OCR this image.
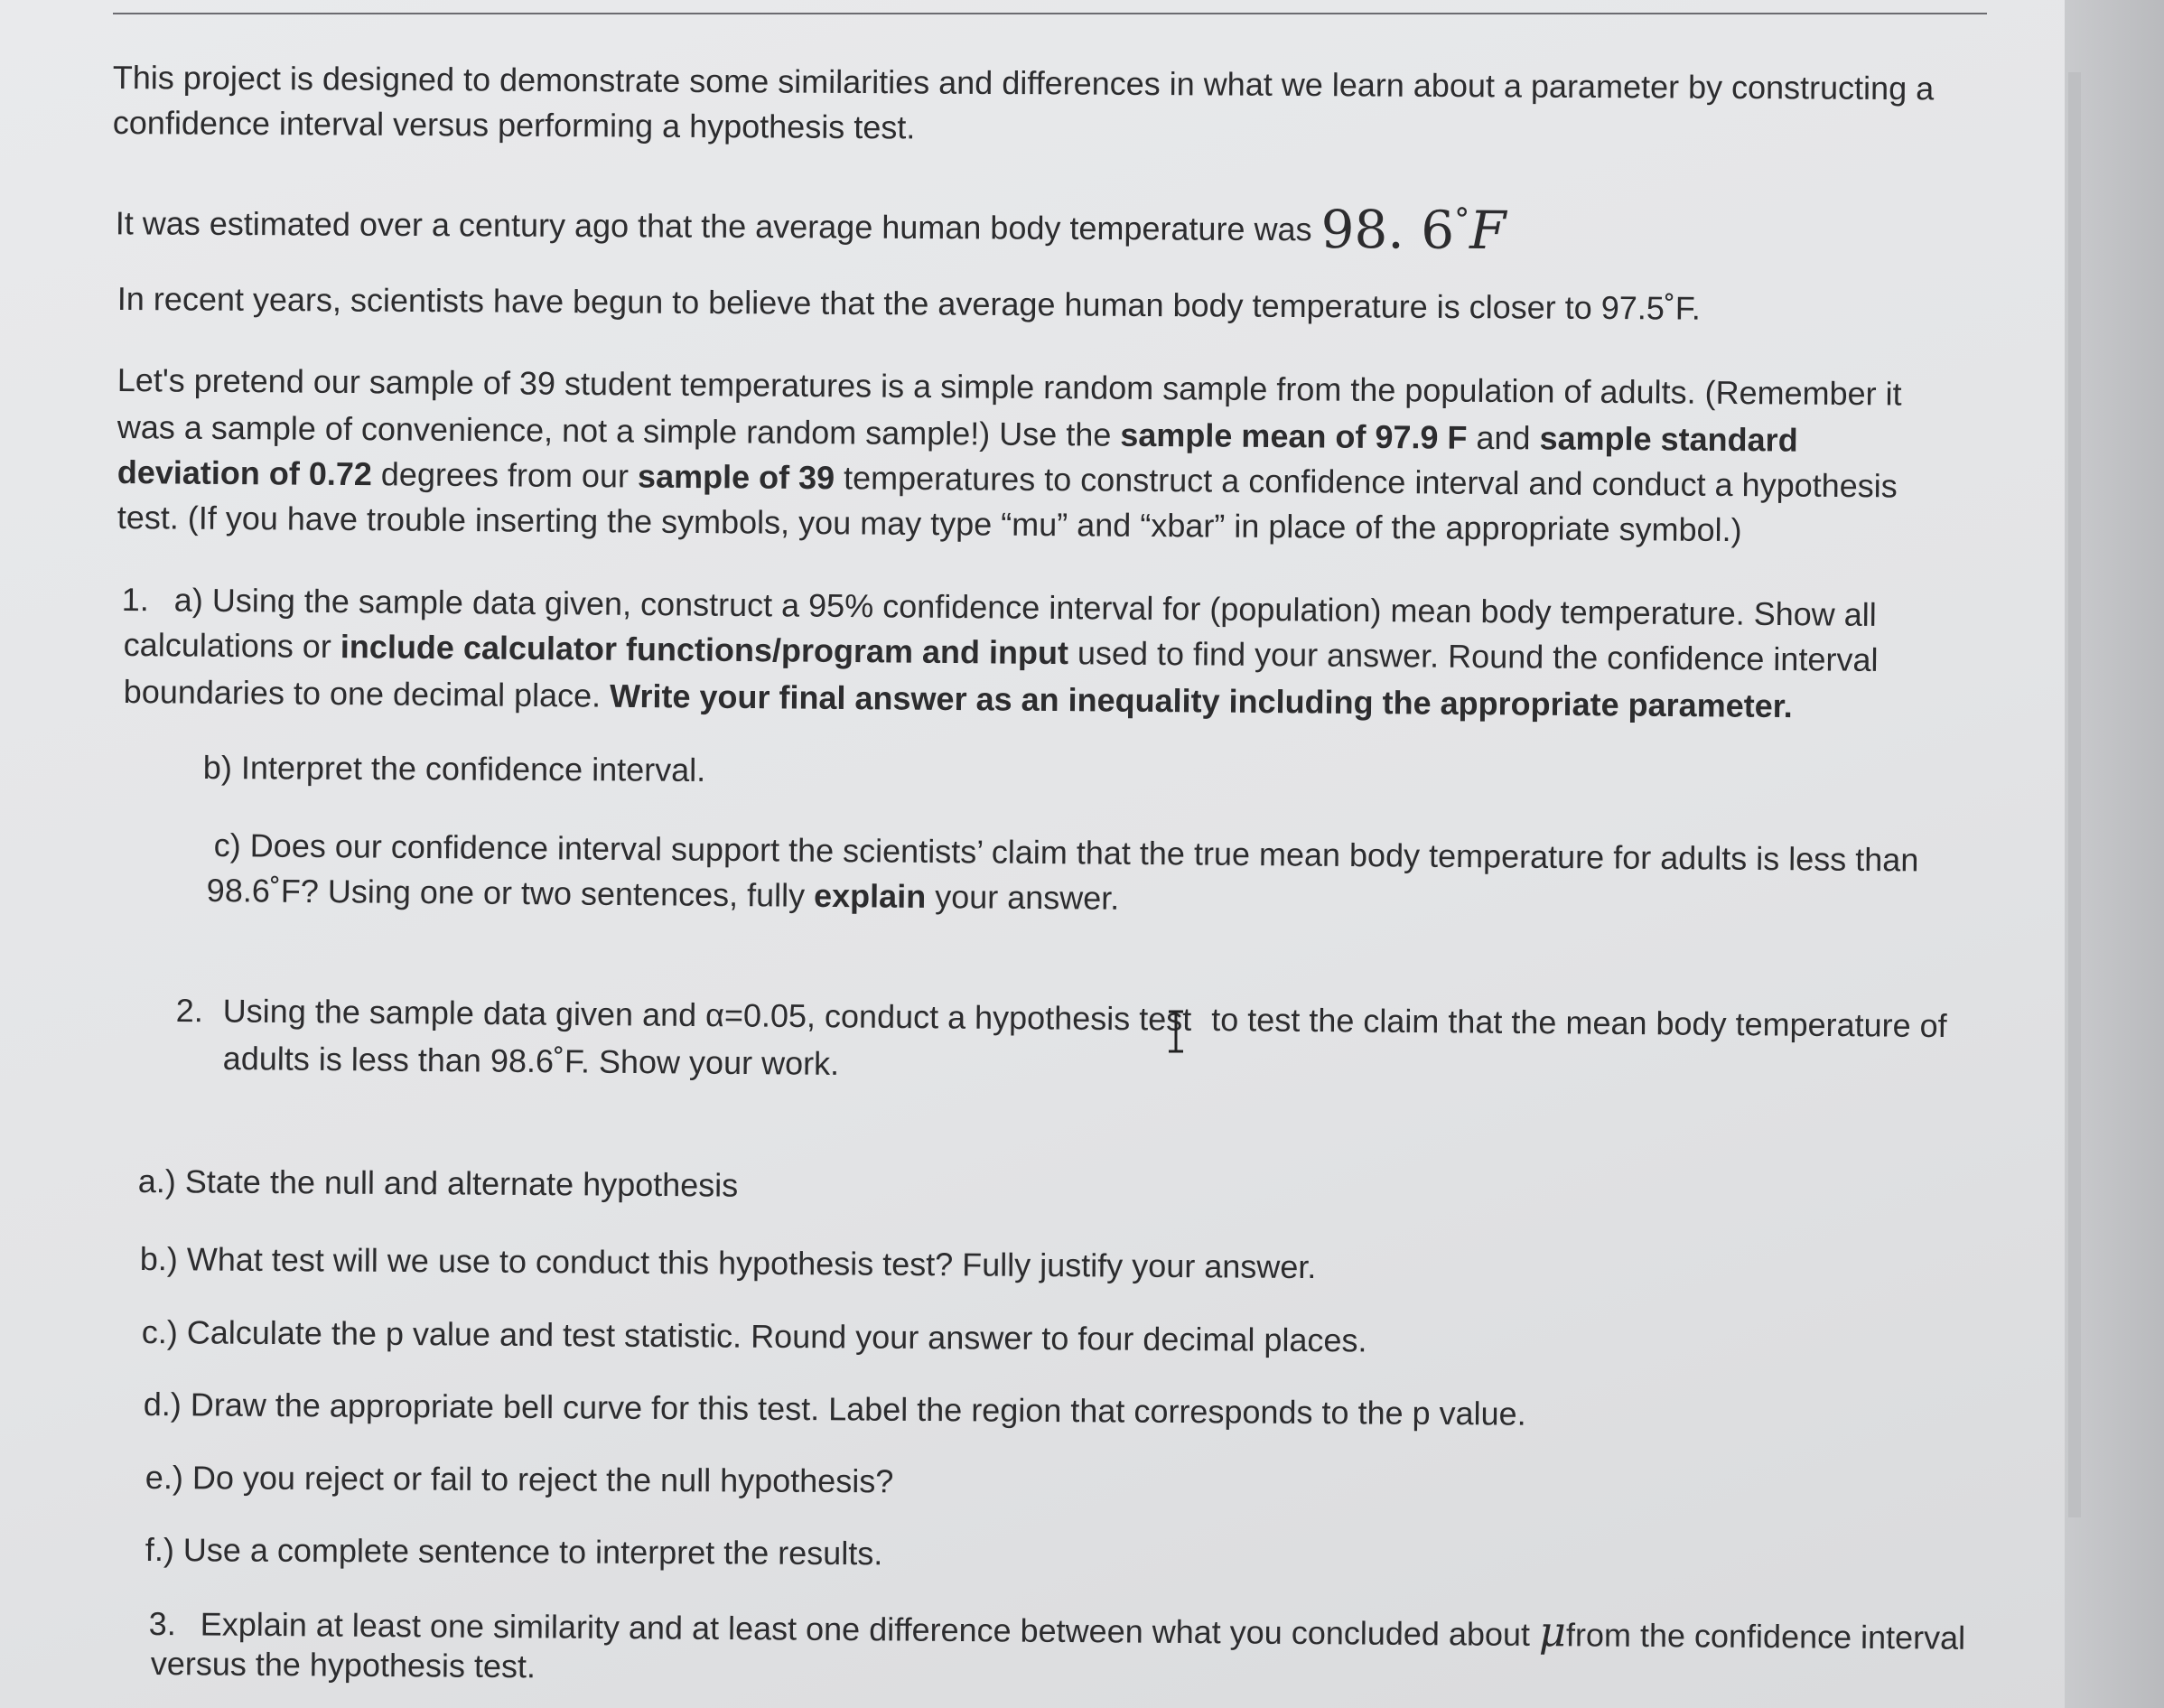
This project is designed to demonstrate some similarities and differences in what we learn about a parameter by constructing a
confidence interval versus performing a hypothesis test.
It was estimated over a century ago that the average human body temperature was 98. 6°F
In recent years, scientists have begun to believe that the average human body temperature is closer to 97.5˚F.
Let's pretend our sample of 39 student temperatures is a simple random sample from the population of adults. (Remember it
was a sample of convenience, not a simple random sample!) Use the sample mean of 97.9 F and sample standard
deviation of 0.72 degrees from our sample of 39 temperatures to construct a confidence interval and conduct a hypothesis
test. (If you have trouble inserting the symbols, you may type “mu” and “xbar” in place of the appropriate symbol.)
1. a) Using the sample data given, construct a 95% confidence interval for (population) mean body temperature. Show all
calculations or include calculator functions/program and input used to find your answer. Round the confidence interval
boundaries to one decimal place. Write your final answer as an inequality including the appropriate parameter.
b) Interpret the confidence interval.
c) Does our confidence interval support the scientists’ claim that the true mean body temperature for adults is less than
98.6˚F? Using one or two sentences, fully explain your answer.
2. Using the sample data given and α=0.05, conduct a hypothesis test to test the claim that the mean body temperature of
adults is less than 98.6˚F. Show your work.
a.) State the null and alternate hypothesis
b.) What test will we use to conduct this hypothesis test? Fully justify your answer.
c.) Calculate the p value and test statistic. Round your answer to four decimal places.
d.) Draw the appropriate bell curve for this test. Label the region that corresponds to the p value.
e.) Do you reject or fail to reject the null hypothesis?
f.) Use a complete sentence to interpret the results.
3. Explain at least one similarity and at least one difference between what you concluded about μfrom the confidence interval
versus the hypothesis test.
